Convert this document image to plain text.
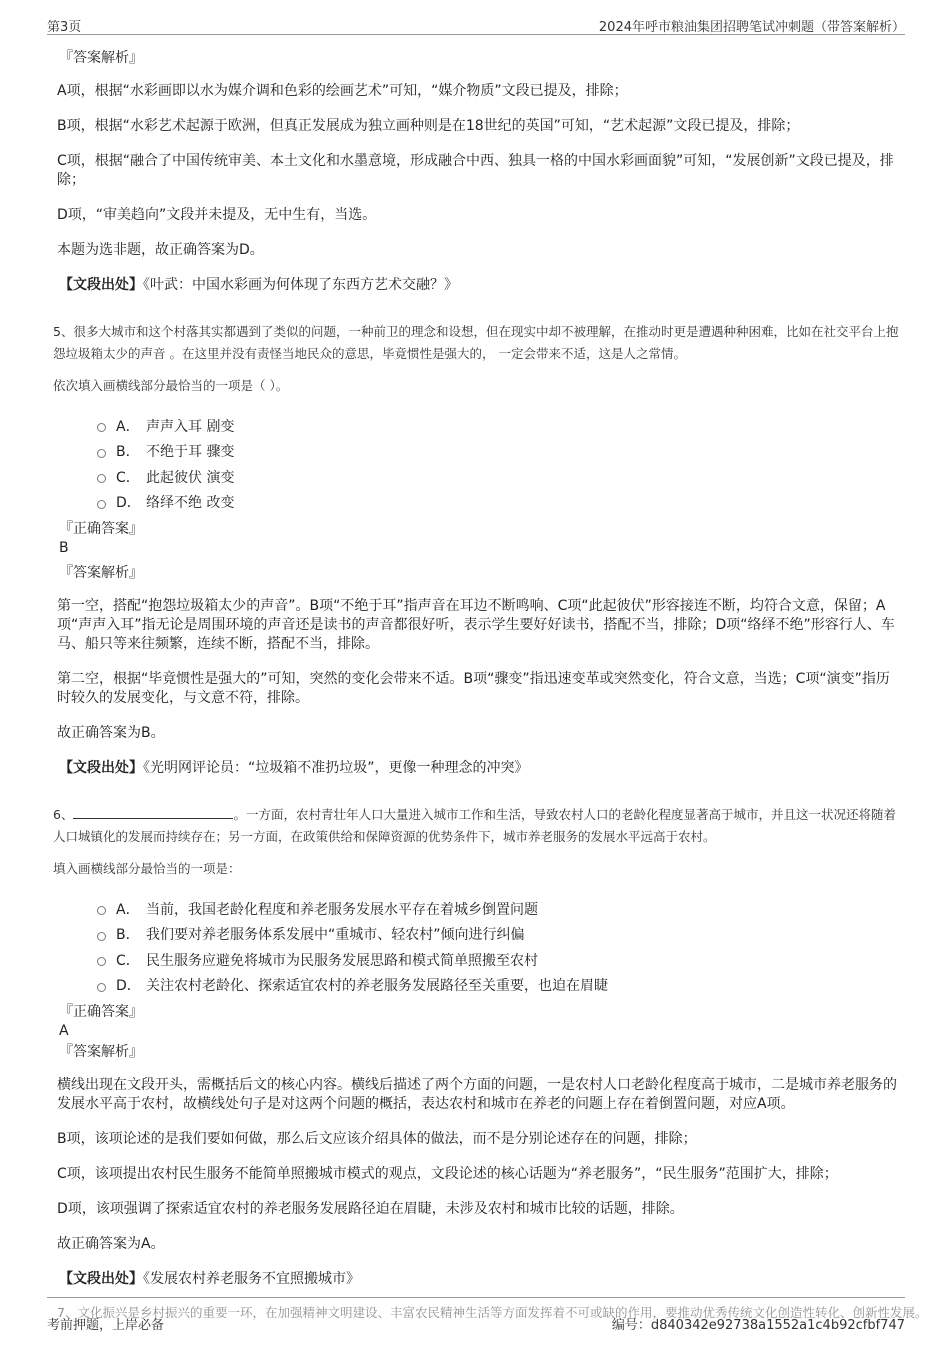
第3页	2024年呼市粮油集团招聘笔试冲刺题（带答案解析）
『答案解析』
A项，根据“水彩画即以水为媒介调和色彩的绘画艺术”可知，“媒介物质”文段已提及，排除；
B项，根据“水彩艺术起源于欧洲，但真正发展成为独立画种则是在18世纪的英国”可知，“艺术起源”文段已提及，排除；
C项，根据“融合了中国传统审美、本土文化和水墨意境，形成融合中西、独具一格的中国水彩画面貌”可知，“发展创新”文段已提及，排除；
D项，“审美趋向”文段并未提及，无中生有，当选。
本题为选非题，故正确答案为D。
【文段出处】《叶武：中国水彩画为何体现了东西方艺术交融？》
5、很多大城市和这个村落其实都遇到了类似的问题，一种前卫的理念和设想，但在现实中却不被理解，在推动时更是遭遇种种困难，比如在社交平台上抱怨垃圾箱太少的声音 。在这里并没有责怪当地民众的意思，毕竟惯性是强大的， 一定会带来不适，这是人之常情。
依次填入画横线部分最恰当的一项是（ ）。
A． 声声入耳 剧变
B． 不绝于耳 骤变
C． 此起彼伏 演变
D． 络绎不绝 改变
『正确答案』
B
『答案解析』
第一空，搭配“抱怨垃圾箱太少的声音”。B项“不绝于耳”指声音在耳边不断鸣响、C项“此起彼伏”形容接连不断，均符合文意，保留；A项“声声入耳”指无论是周围环境的声音还是读书的声音都很好听，表示学生要好好读书，搭配不当，排除；D项“络绎不绝”形容行人、车马、船只等来往频繁，连续不断，搭配不当，排除。
第二空，根据“毕竟惯性是强大的”可知，突然的变化会带来不适。B项“骤变”指迅速变革或突然变化，符合文意，当选；C项“演变”指历时较久的发展变化，与文意不符，排除。
故正确答案为B。
【文段出处】《光明网评论员：“垃圾箱不准扔垃圾”，更像一种理念的冲突》
6、	。一方面，农村青壮年人口大量进入城市工作和生活，导致农村人口的老龄化程度显著高于城市，并且这一状况还将随着人口城镇化的发展而持续存在；另一方面，在政策供给和保障资源的优势条件下，城市养老服务的发展水平远高于农村。
填入画横线部分最恰当的一项是：
A． 当前，我国老龄化程度和养老服务发展水平存在着城乡倒置问题
B． 我们要对养老服务体系发展中“重城市、轻农村”倾向进行纠偏
C． 民生服务应避免将城市为民服务发展思路和模式简单照搬至农村
D． 关注农村老龄化、探索适宜农村的养老服务发展路径至关重要，也迫在眉睫
『正确答案』
A
『答案解析』
横线出现在文段开头，需概括后文的核心内容。横线后描述了两个方面的问题，一是农村人口老龄化程度高于城市，二是城市养老服务的发展水平高于农村，故横线处句子是对这两个问题的概括，表达农村和城市在养老的问题上存在着倒置问题，对应A项。
B项，该项论述的是我们要如何做，那么后文应该介绍具体的做法，而不是分别论述存在的问题，排除；
C项，该项提出农村民生服务不能简单照搬城市模式的观点，文段论述的核心话题为“养老服务”，“民生服务”范围扩大，排除；
D项，该项强调了探索适宜农村的养老服务发展路径迫在眉睫，未涉及农村和城市比较的话题，排除。
故正确答案为A。
【文段出处】《发展农村养老服务不宜照搬城市》
7、文化振兴是乡村振兴的重要一环，在加强精神文明建设、丰富农民精神生活等方面发挥着不可或缺的作用，要推动优秀传统文化创造性转化、创新性发展。
考前押题，上岸必备	编号：d840342e92738a1552a1c4b92cfbf747
